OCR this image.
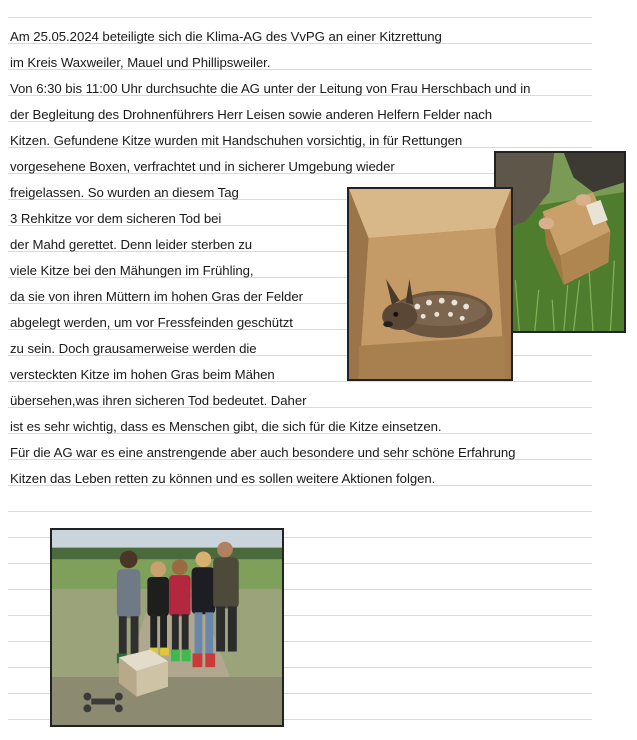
Am 25.05.2024 beteiligte sich die Klima-AG des VvPG an einer Kitzrettung
im Kreis Waxweiler, Mauel und Phillipsweiler.
Von 6:30 bis 11:00 Uhr durchsuchte die AG unter der Leitung von Frau Herschbach und in
der Begleitung des Drohnenführers Herr Leisen sowie anderen Helfern Felder nach
Kitzen. Gefundene Kitze wurden mit Handschuhen vorsichtig, in für Rettungen
vorgesehene Boxen, verfrachtet und in sicherer Umgebung wieder
freigelassen. So wurden an diesem Tag
3 Rehkitze vor dem sicheren Tod bei
der Mahd gerettet. Denn leider sterben zu
viele Kitze bei den Mähungen im Frühling,
da sie von ihren Müttern im hohen Gras der Felder
abgelegt werden, um vor Fressfeinden geschützt
zu sein. Doch grausamerweise werden die
versteckten Kitze im hohen Gras beim Mähen
übersehen,was ihren sicheren Tod bedeutet. Daher
ist es sehr wichtig, dass es Menschen gibt, die sich für die Kitze einsetzen.
Für die AG war es eine anstrengende aber auch besondere und sehr schöne Erfahrung
Kitzen das Leben retten zu können und es sollen weitere Aktionen folgen.
